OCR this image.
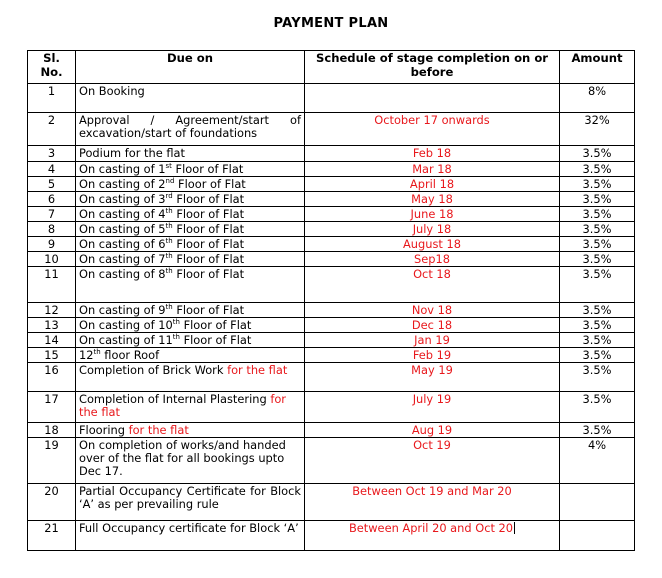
PAYMENT PLAN
Sl. No.	Due on	Schedule of stage completion on or before	Amount
1	On Booking		8%
2	Approval / Agreement/start of excavation/start of foundations	October 17 onwards	32%
3	Podium for the flat	Feb 18	3.5%
4	On casting of 1st Floor of Flat	Mar 18	3.5%
5	On casting of 2nd Floor of Flat	April 18	3.5%
6	On casting of 3rd Floor of Flat	May 18	3.5%
7	On casting of 4th Floor of Flat	June 18	3.5%
8	On casting of 5th Floor of Flat	July 18	3.5%
9	On casting of 6th Floor of Flat	August 18	3.5%
10	On casting of 7th Floor of Flat	Sep18	3.5%
11	On casting of 8th Floor of Flat	Oct 18	3.5%
12	On casting of 9th Floor of Flat	Nov 18	3.5%
13	On casting of 10th Floor of Flat	Dec 18	3.5%
14	On casting of 11th Floor of Flat	Jan 19	3.5%
15	12th floor Roof	Feb 19	3.5%
16	Completion of Brick Work for the flat	May 19	3.5%
17	Completion of Internal Plastering for the flat	July 19	3.5%
18	Flooring for the flat	Aug 19	3.5%
19	On completion of works/and handed over of the flat for all bookings upto Dec 17.	Oct 19	4%
20	Partial Occupancy Certificate for Block ‘A’ as per prevailing rule	Between Oct 19 and Mar 20	
21	Full Occupancy certificate for Block ‘A’	Between April 20 and Oct 20	
